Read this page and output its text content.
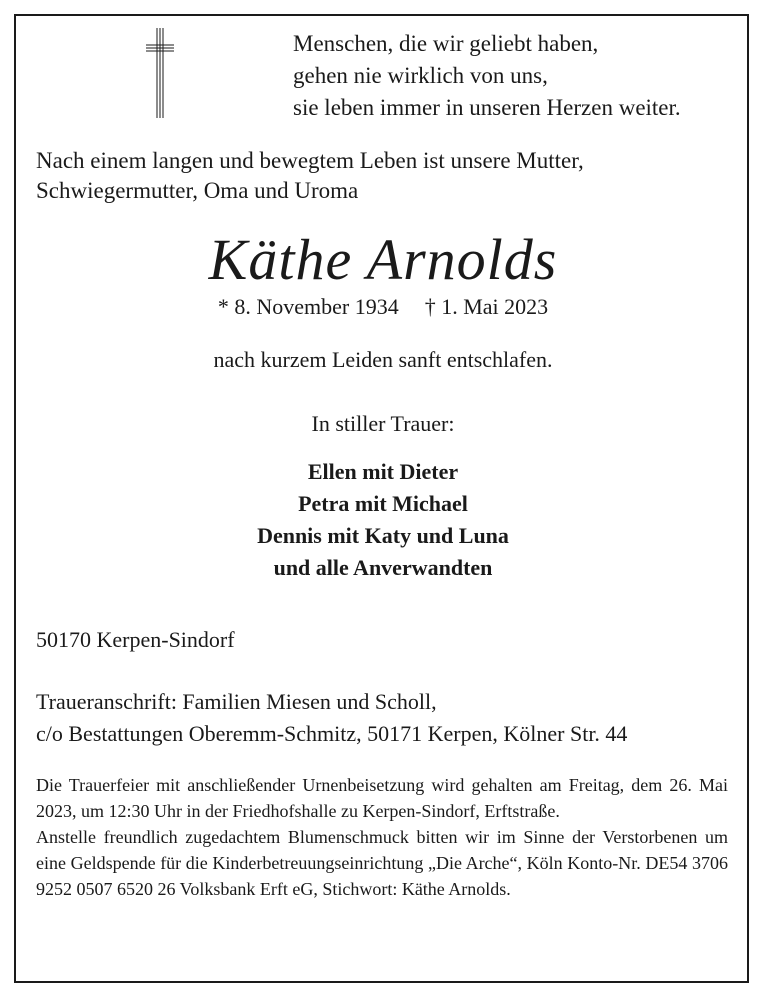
Menschen, die wir geliebt haben,
gehen nie wirklich von uns,
sie leben immer in unseren Herzen weiter.
Nach einem langen und bewegtem Leben ist unsere Mutter,
Schwiegermutter, Oma und Uroma
Käthe Arnolds
* 8. November 1934 † 1. Mai 2023
nach kurzem Leiden sanft entschlafen.
In stiller Trauer:
Ellen mit Dieter
Petra mit Michael
Dennis mit Katy und Luna
und alle Anverwandten
50170 Kerpen-Sindorf
Traueranschrift: Familien Miesen und Scholl,
c/o Bestattungen Oberemm-Schmitz, 50171 Kerpen, Kölner Str. 44

Die Trauerfeier mit anschließender Urnenbeisetzung wird gehalten am Freitag, dem 26. Mai 2023, um 12:30 Uhr in der Friedhofshalle zu Kerpen-Sindorf, Erftstraße.

Anstelle freundlich zugedachtem Blumenschmuck bitten wir im Sinne der Verstorbenen um eine Geldspende für die Kinderbetreuungseinrichtung „Die Arche“, Köln Konto-Nr. DE54 3706 9252 0507 6520 26 Volksbank Erft eG, Stichwort: Käthe Arnolds.
